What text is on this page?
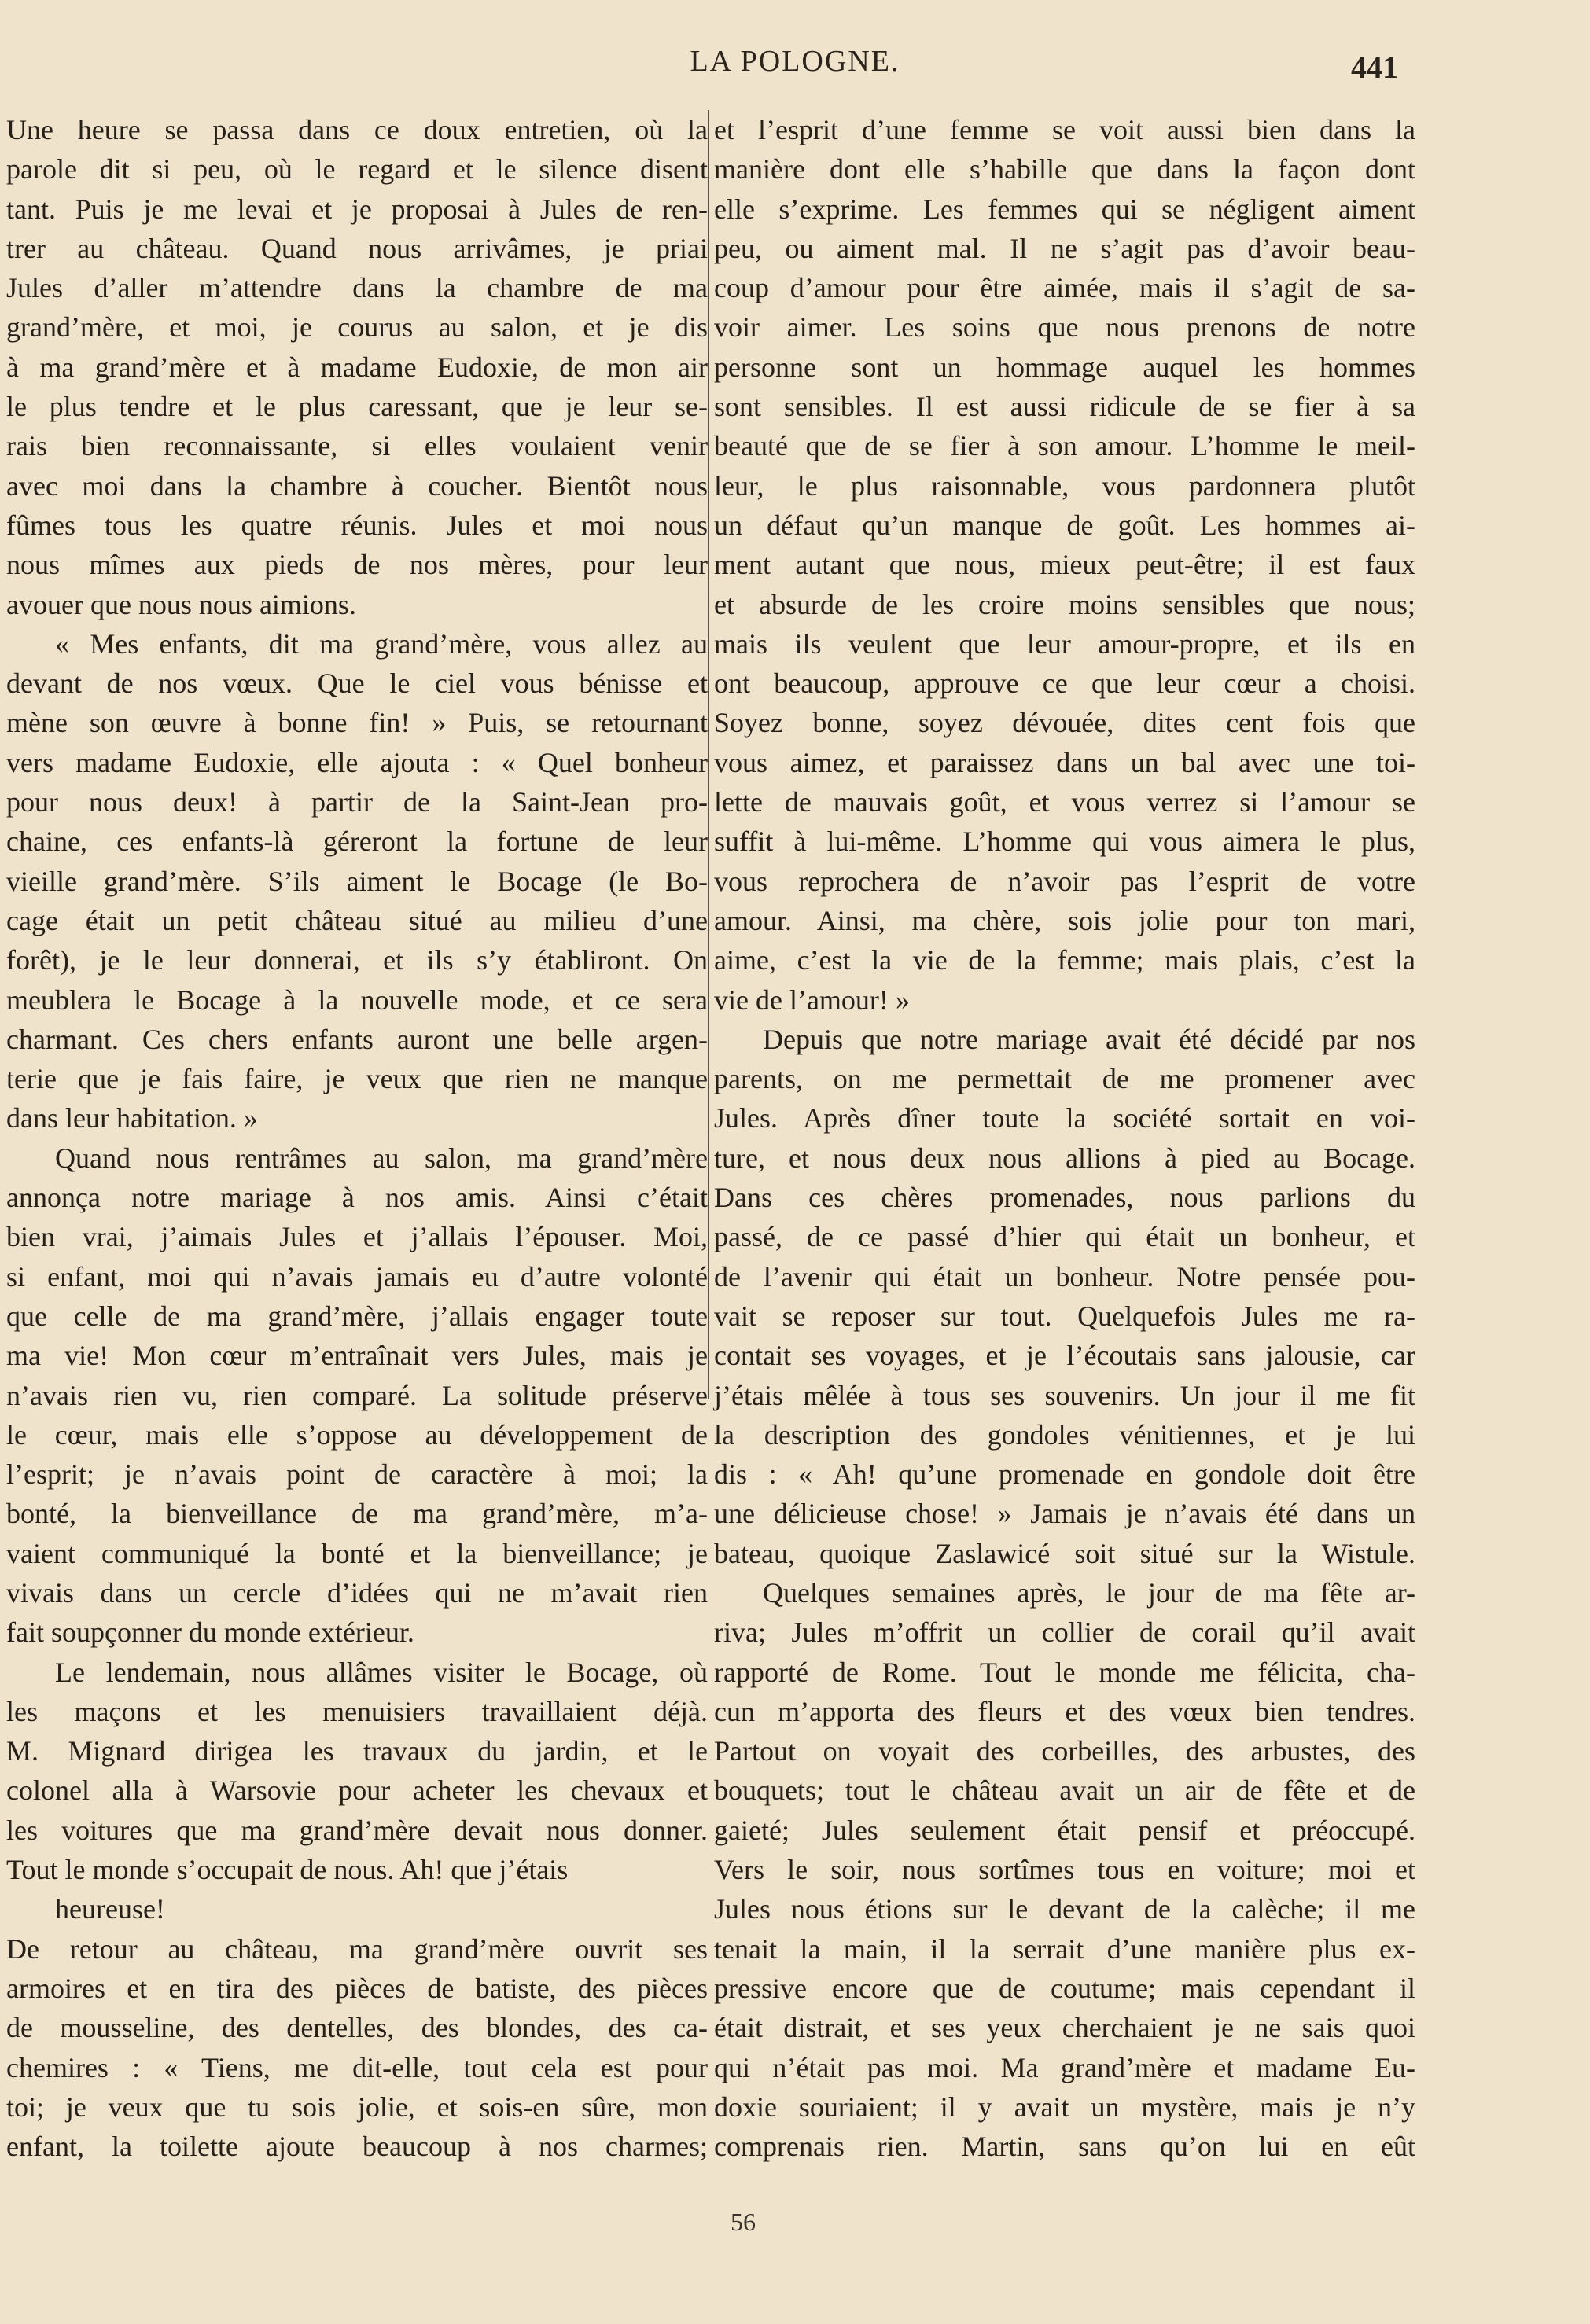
LA POLOGNE.	441
Une heure se passa dans ce doux entretien, où la
parole dit si peu, où le regard et le silence disent
tant. Puis je me levai et je proposai à Jules de ren-
trer au château. Quand nous arrivâmes, je priai
Jules d’aller m’attendre dans la chambre de ma
grand’mère, et moi, je courus au salon, et je dis
à ma grand’mère et à madame Eudoxie, de mon air
le plus tendre et le plus caressant, que je leur se-
rais bien reconnaissante, si elles voulaient venir
avec moi dans la chambre à coucher. Bientôt nous
fûmes tous les quatre réunis. Jules et moi nous
nous mîmes aux pieds de nos mères, pour leur
avouer que nous nous aimions.
« Mes enfants, dit ma grand’mère, vous allez au
devant de nos vœux. Que le ciel vous bénisse et
mène son œuvre à bonne fin! » Puis, se retournant
vers madame Eudoxie, elle ajouta : « Quel bonheur
pour nous deux! à partir de la Saint-Jean pro-
chaine, ces enfants-là géreront la fortune de leur
vieille grand’mère. S’ils aiment le Bocage (le Bo-
cage était un petit château situé au milieu d’une
forêt), je le leur donnerai, et ils s’y établiront. On
meublera le Bocage à la nouvelle mode, et ce sera
charmant. Ces chers enfants auront une belle argen-
terie que je fais faire, je veux que rien ne manque
dans leur habitation. »
Quand nous rentrâmes au salon, ma grand’mère
annonça notre mariage à nos amis. Ainsi c’était
bien vrai, j’aimais Jules et j’allais l’épouser. Moi,
si enfant, moi qui n’avais jamais eu d’autre volonté
que celle de ma grand’mère, j’allais engager toute
ma vie! Mon cœur m’entraînait vers Jules, mais je
n’avais rien vu, rien comparé. La solitude préserve
le cœur, mais elle s’oppose au développement de
l’esprit; je n’avais point de caractère à moi; la
bonté, la bienveillance de ma grand’mère, m’a-
vaient communiqué la bonté et la bienveillance; je
vivais dans un cercle d’idées qui ne m’avait rien
fait soupçonner du monde extérieur.
Le lendemain, nous allâmes visiter le Bocage, où
les maçons et les menuisiers travaillaient déjà.
M. Mignard dirigea les travaux du jardin, et le
colonel alla à Warsovie pour acheter les chevaux et
les voitures que ma grand’mère devait nous donner.
Tout le monde s’occupait de nous. Ah! que j’étais
heureuse!
De retour au château, ma grand’mère ouvrit ses
armoires et en tira des pièces de batiste, des pièces
de mousseline, des dentelles, des blondes, des ca-
chemires : « Tiens, me dit-elle, tout cela est pour
toi; je veux que tu sois jolie, et sois-en sûre, mon
enfant, la toilette ajoute beaucoup à nos charmes;
et l’esprit d’une femme se voit aussi bien dans la
manière dont elle s’habille que dans la façon dont
elle s’exprime. Les femmes qui se négligent aiment
peu, ou aiment mal. Il ne s’agit pas d’avoir beau-
coup d’amour pour être aimée, mais il s’agit de sa-
voir aimer. Les soins que nous prenons de notre
personne sont un hommage auquel les hommes
sont sensibles. Il est aussi ridicule de se fier à sa
beauté que de se fier à son amour. L’homme le meil-
leur, le plus raisonnable, vous pardonnera plutôt
un défaut qu’un manque de goût. Les hommes ai-
ment autant que nous, mieux peut-être; il est faux
et absurde de les croire moins sensibles que nous;
mais ils veulent que leur amour-propre, et ils en
ont beaucoup, approuve ce que leur cœur a choisi.
Soyez bonne, soyez dévouée, dites cent fois que
vous aimez, et paraissez dans un bal avec une toi-
lette de mauvais goût, et vous verrez si l’amour se
suffit à lui-même. L’homme qui vous aimera le plus,
vous reprochera de n’avoir pas l’esprit de votre
amour. Ainsi, ma chère, sois jolie pour ton mari,
aime, c’est la vie de la femme; mais plais, c’est la
vie de l’amour! »
Depuis que notre mariage avait été décidé par nos
parents, on me permettait de me promener avec
Jules. Après dîner toute la société sortait en voi-
ture, et nous deux nous allions à pied au Bocage.
Dans ces chères promenades, nous parlions du
passé, de ce passé d’hier qui était un bonheur, et
de l’avenir qui était un bonheur. Notre pensée pou-
vait se reposer sur tout. Quelquefois Jules me ra-
contait ses voyages, et je l’écoutais sans jalousie, car
j’étais mêlée à tous ses souvenirs. Un jour il me fit
la description des gondoles vénitiennes, et je lui
dis : « Ah! qu’une promenade en gondole doit être
une délicieuse chose! » Jamais je n’avais été dans un
bateau, quoique Zaslawicé soit situé sur la Wistule.
Quelques semaines après, le jour de ma fête ar-
riva; Jules m’offrit un collier de corail qu’il avait
rapporté de Rome. Tout le monde me félicita, cha-
cun m’apporta des fleurs et des vœux bien tendres.
Partout on voyait des corbeilles, des arbustes, des
bouquets; tout le château avait un air de fête et de
gaieté; Jules seulement était pensif et préoccupé.
Vers le soir, nous sortîmes tous en voiture; moi et
Jules nous étions sur le devant de la calèche; il me
tenait la main, il la serrait d’une manière plus ex-
pressive encore que de coutume; mais cependant il
était distrait, et ses yeux cherchaient je ne sais quoi
qui n’était pas moi. Ma grand’mère et madame Eu-
doxie souriaient; il y avait un mystère, mais je n’y
comprenais rien. Martin, sans qu’on lui en eût
56
